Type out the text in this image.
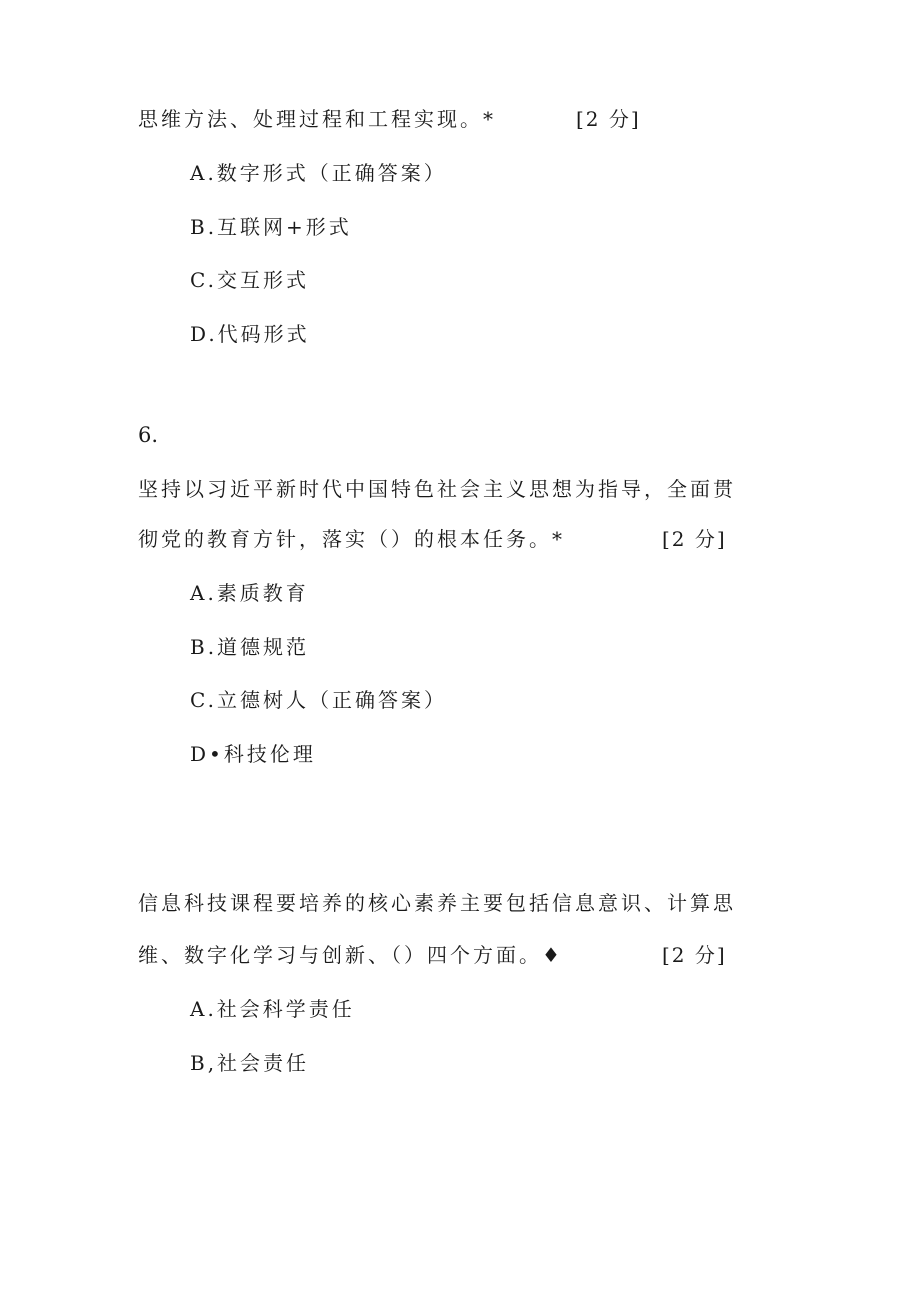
思维方法、处理过程和工程实现。*	[2 分]
A.数字形式（正确答案）
B.互联网+形式
C.交互形式
D.代码形式
6.
坚持以习近平新时代中国特色社会主义思想为指导，全面贯
彻党的教育方针，落实（）的根本任务。*	[2 分]
A.素质教育
B.道德规范
C.立德树人（正确答案）
D•科技伦理
信息科技课程要培养的核心素养主要包括信息意识、计算思
维、数字化学习与创新、（）四个方面。♦	[2 分]
A.社会科学责任
B,社会责任
